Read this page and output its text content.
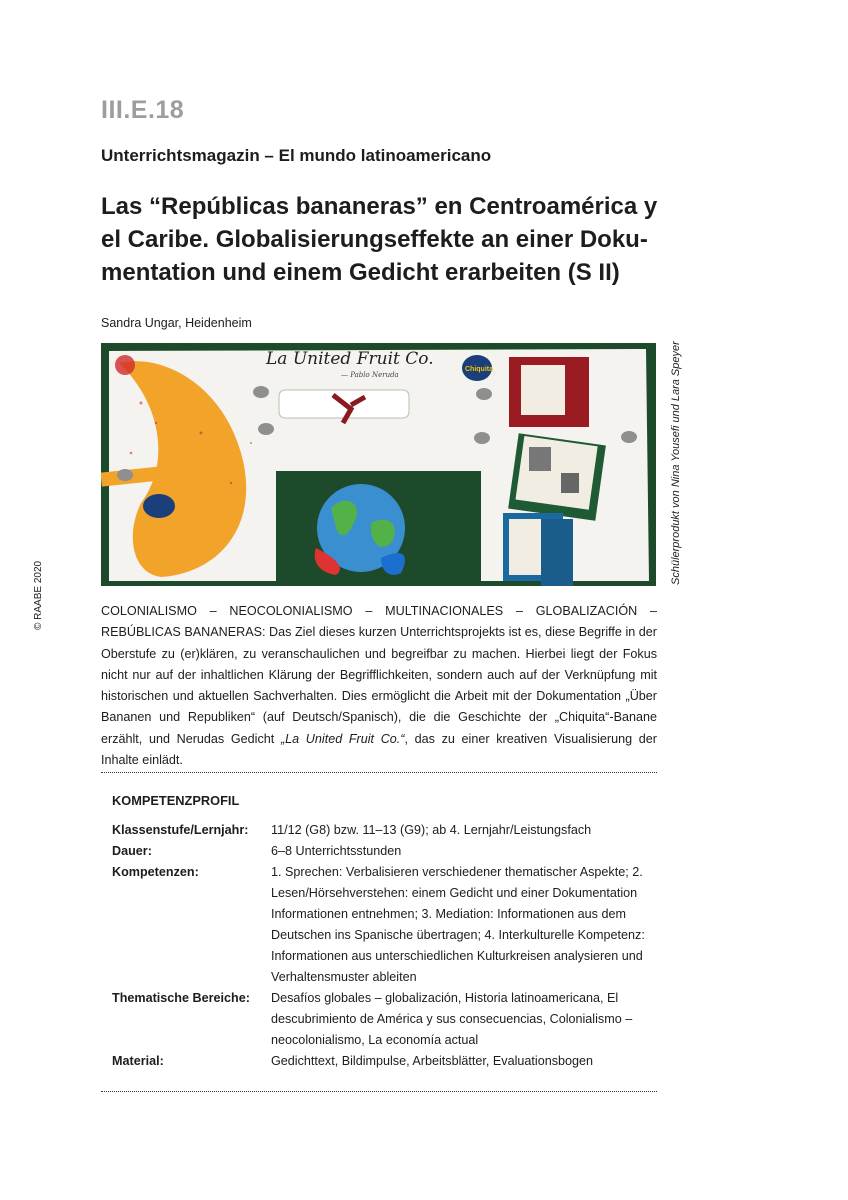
III.E.18
Unterrichtsmagazin – El mundo latinoamericano
Las “Repúblicas bananeras” en Centroamérica y
el Caribe. Globalisierungseffekte an einer Doku-
mentation und einem Gedicht erarbeiten (S II)
Sandra Ungar, Heidenheim
© RAABE 2020
La United Fruit Co.
— Pablo Neruda
Chiquita	Schülerprodukt von Nina Yousefi und Lara Speyer

COLONIALISMO – NEOCOLONIALISMO – MULTINACIONALES – GLOBALIZACIÓN – REBÚBLICAS BANANERAS: Das Ziel dieses kurzen Unterrichtsprojekts ist es, diese Begriffe in der Oberstufe zu (er)klären, zu veranschaulichen und begreifbar zu machen. Hierbei liegt der Fokus nicht nur auf der inhaltlichen Klärung der Begrifflichkeiten, sondern auch auf der Verknüpfung mit historischen und aktuellen Sachverhalten. Dies ermöglicht die Arbeit mit der Dokumentation „Über Bananen und Republiken“ (auf Deutsch/Spanisch), die die Geschichte der „Chiquita“-Banane erzählt, und Nerudas Gedicht „La United Fruit Co.“, das zu einer kreativen Visualisierung der Inhalte einlädt.

KOMPETENZPROFIL
Klassenstufe/Lernjahr:	11/12 (G8) bzw. 11–13 (G9); ab 4. Lernjahr/Leistungsfach
Dauer:	6–8 Unterrichtsstunden
Kompetenzen:	1. Sprechen: Verbalisieren verschiedener thematischer Aspekte; 2. Lesen/Hörsehverstehen: einem Gedicht und einer Dokumentation Informationen entnehmen; 3. Mediation: Informationen aus dem Deutschen ins Spanische übertragen; 4. Interkulturelle Kompetenz: Informationen aus unterschiedlichen Kulturkreisen analysieren und Verhaltensmuster ableiten
Thematische Bereiche:	Desafíos globales – globalización, Historia latinoamericana, El descubrimiento de América y sus consecuencias, Colonialismo – neocolonialismo, La economía actual
Material:	Gedichttext, Bildimpulse, Arbeitsblätter, Evaluationsbogen
